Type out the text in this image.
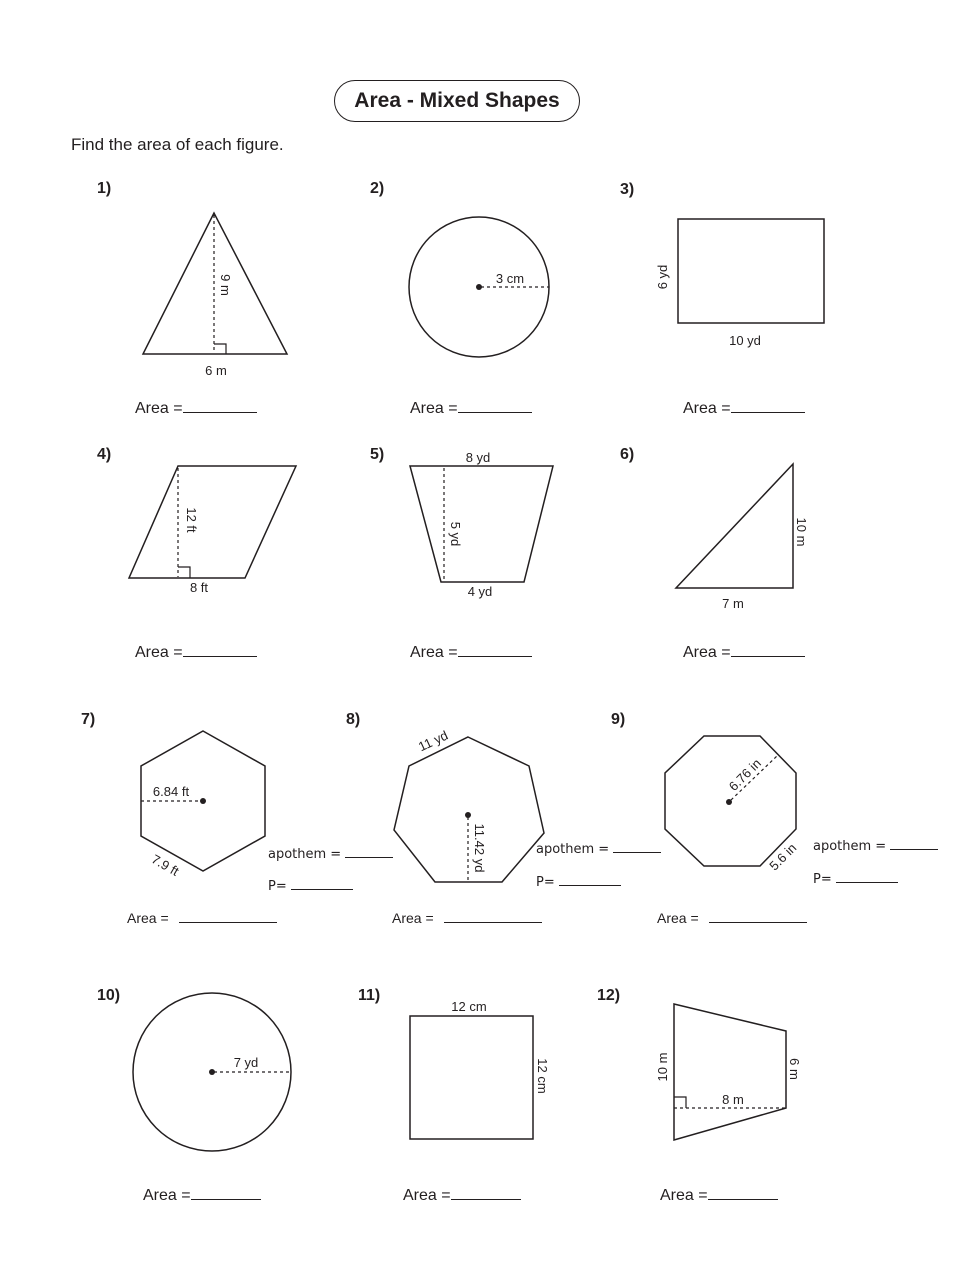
Area - Mixed Shapes
Find the area of each figure.
1)	2)	3)
4)	5)	6)
7)	8)	9)
10)	11)	12)
Area =	Area =	Area =
Area =	Area =	Area =
Area =	Area =	Area =
Area =	Area =	Area =
apothem =
P=
apothem =
P=
apothem =
P=
9 m
6 m
3 cm	6 yd
10 yd
12 ft
8 ft
8 yd
5 yd
4 yd
10 m
7 m
6.84 ft
7.9 ft
11 yd
11.42 yd
6.76 in
5.6 in
7 yd
12 cm
12 cm	10 m
8 m
6 m
